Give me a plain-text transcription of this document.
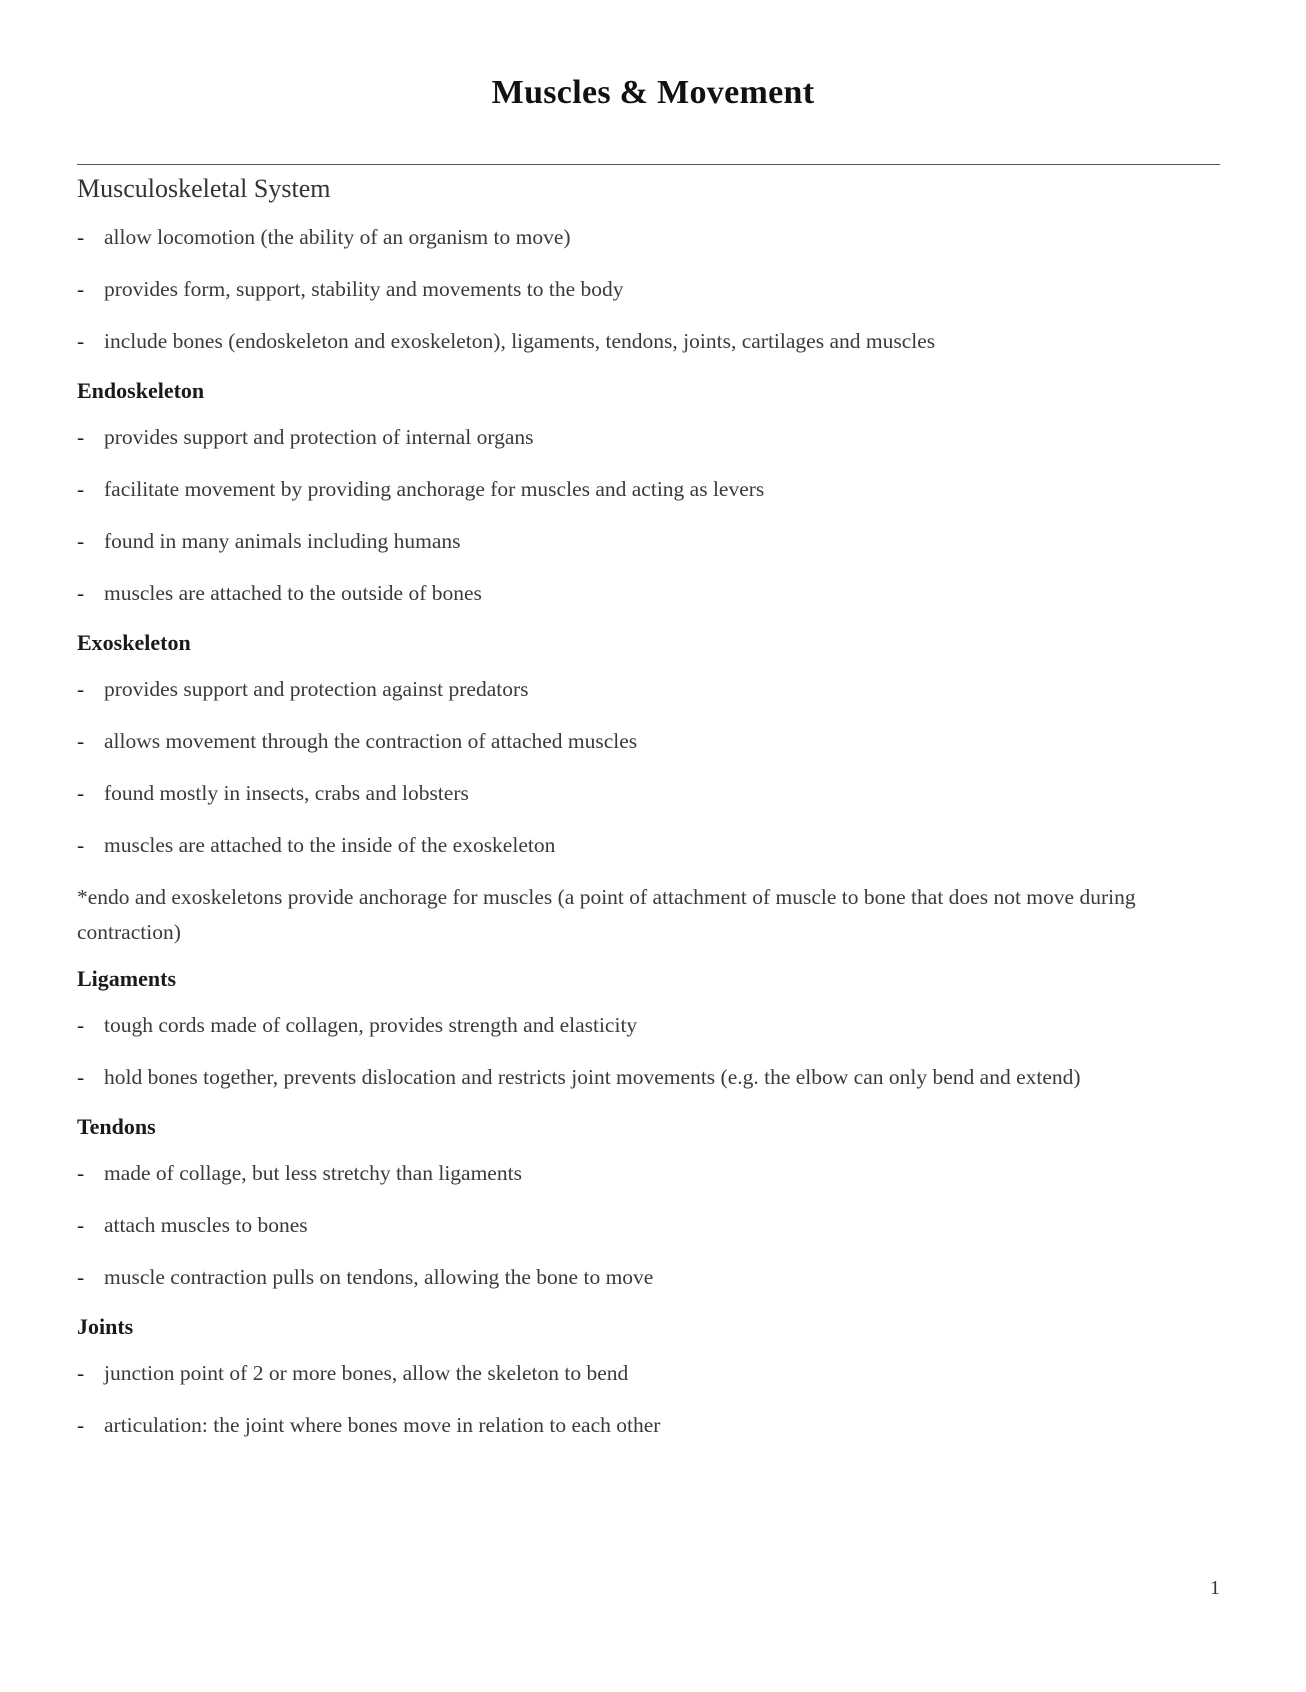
Muscles & Movement
Musculoskeletal System
- allow locomotion (the ability of an organism to move)
- provides form, support, stability and movements to the body
- include bones (endoskeleton and exoskeleton), ligaments, tendons, joints, cartilages and muscles
Endoskeleton
- provides support and protection of internal organs
- facilitate movement by providing anchorage for muscles and acting as levers
- found in many animals including humans
- muscles are attached to the outside of bones
Exoskeleton
- provides support and protection against predators
- allows movement through the contraction of attached muscles
- found mostly in insects, crabs and lobsters
- muscles are attached to the inside of the exoskeleton
*endo and exoskeletons provide anchorage for muscles (a point of attachment of muscle to bone that does not move during contraction)
Ligaments
- tough cords made of collagen, provides strength and elasticity
- hold bones together, prevents dislocation and restricts joint movements (e.g. the elbow can only bend and extend)
Tendons
- made of collage, but less stretchy than ligaments
- attach muscles to bones
- muscle contraction pulls on tendons, allowing the bone to move
Joints
- junction point of 2 or more bones, allow the skeleton to bend
- articulation: the joint where bones move in relation to each other
1
